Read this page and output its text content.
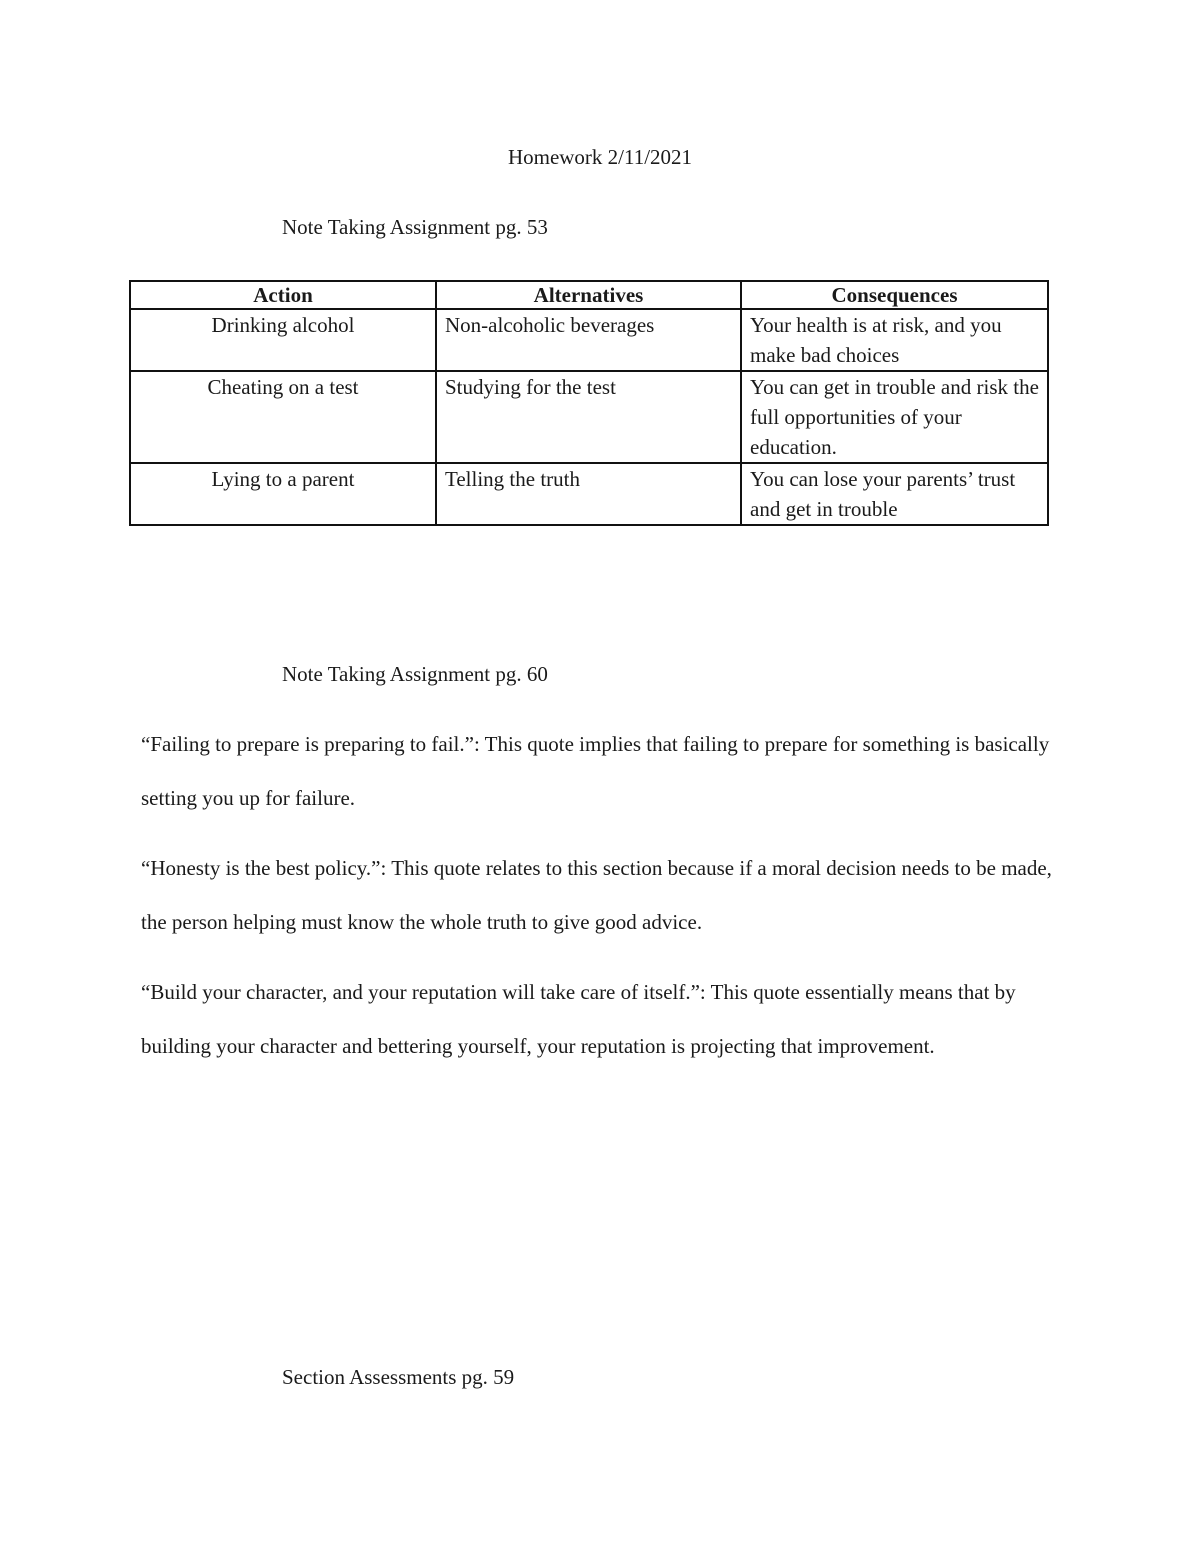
Homework 2/11/2021
Note Taking Assignment pg. 53
Action	Alternatives	Consequences
Drinking alcohol	Non-alcoholic beverages	Your health is at risk, and you make bad choices
Cheating on a test	Studying for the test	You can get in trouble and risk the full opportunities of your education.
Lying to a parent	Telling the truth	You can lose your parents’ trust and get in trouble
Note Taking Assignment pg. 60

“Failing to prepare is preparing to fail.”: This quote implies that failing to prepare for something is basically setting you up for failure.

“Honesty is the best policy.”: This quote relates to this section because if a moral decision needs to be made, the person helping must know the whole truth to give good advice.

“Build your character, and your reputation will take care of itself.”: This quote essentially means that by building your character and bettering yourself, your reputation is projecting that improvement.

Section Assessments pg. 59
